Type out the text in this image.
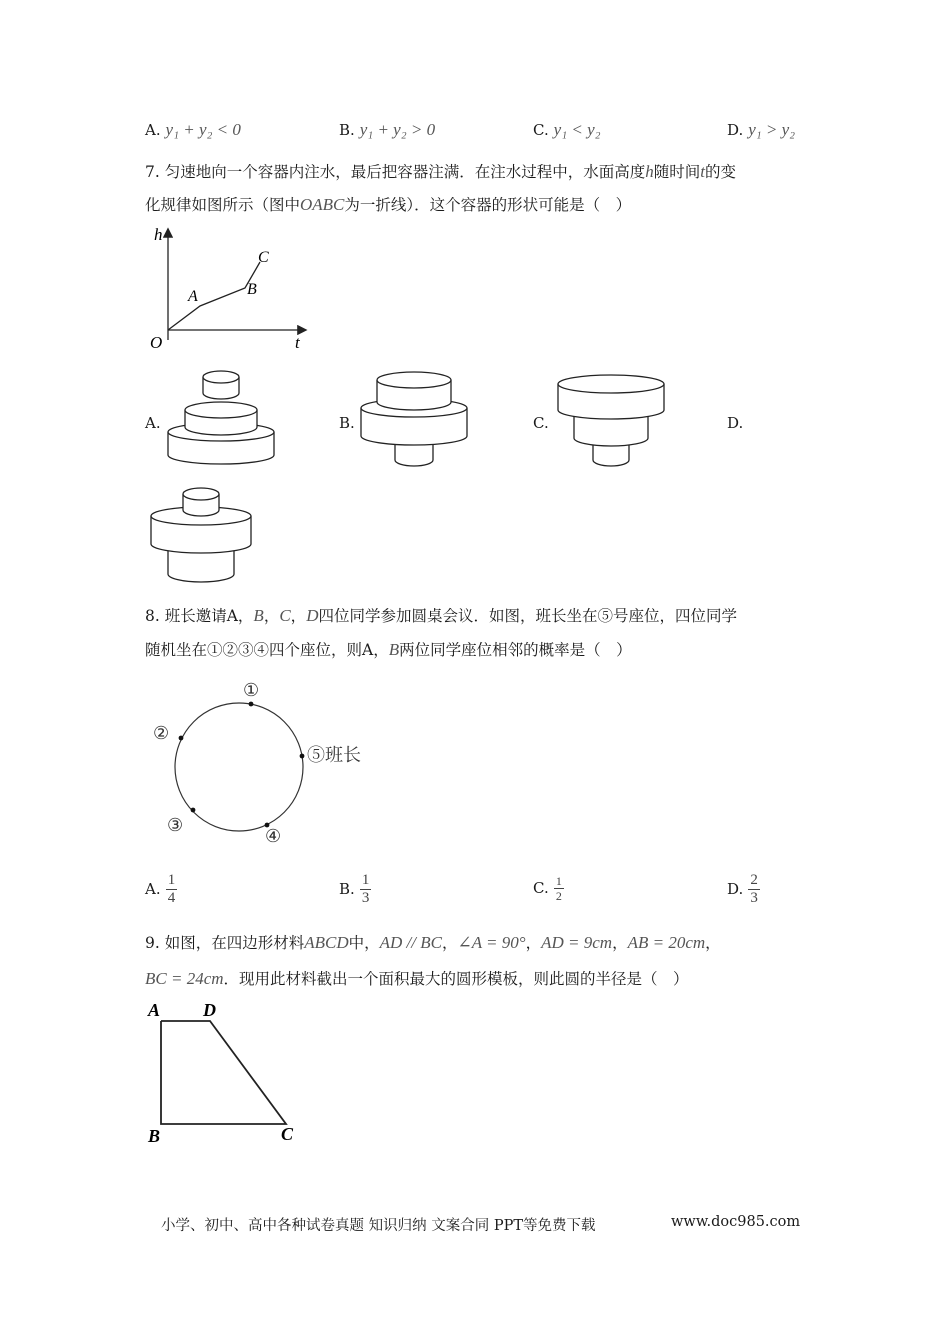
A. y₁ + y₂ < 0	B. y₁ + y₂ > 0	C. y₁ < y₂	D. y₁ > y₂
7. 匀速地向一个容器内注水，最后把容器注满．在注水过程中，水面高度h随时间t的变
化规律如图所示（图中OABC为一折线）．这个容器的形状可能是（　）
h
t
O
A	B
C
A.	B.	C.	D.
8. 班长邀请A，B，C，D四位同学参加圆桌会议．如图，班长坐在⑤号座位，四位同学
随机坐在①②③④四个座位，则A，B两位同学座位相邻的概率是（　）
①
②
③
④
⑤班长
A. $\frac{1}{4}$	B. $\frac{1}{3}$	C. $\frac{1}{2}$	D. $\frac{2}{3}$
9. 如图，在四边形材料ABCD中，AD // BC，∠A = 90°，AD = 9cm，AB = 20cm，
BC = 24cm．现用此材料截出一个面积最大的圆形模板，则此圆的半径是（　）
A D
B	C
小学、初中、高中各种试卷真题 知识归纳 文案合同 PPT等免费下载	www.doc985.com
